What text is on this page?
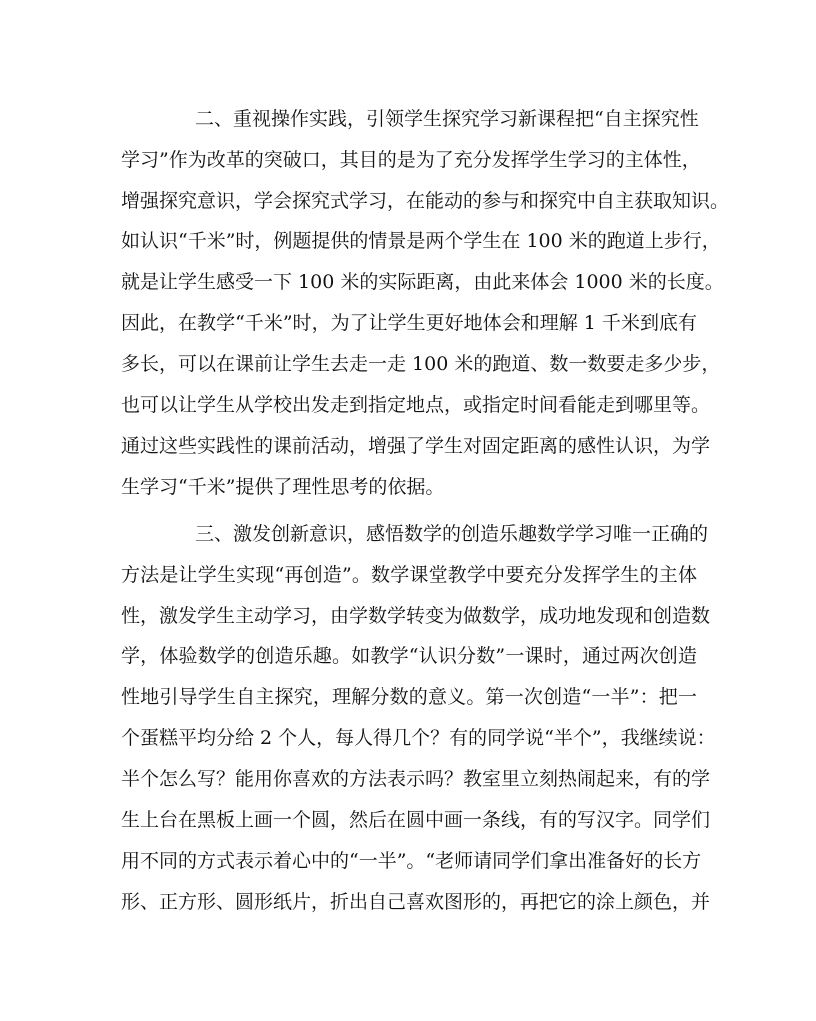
二、重视操作实践，引领学生探究学习新课程把“自主探究性
学习”作为改革的突破口，其目的是为了充分发挥学生学习的主体性，
增强探究意识，学会探究式学习，在能动的参与和探究中自主获取知识。
如认识“千米”时，例题提供的情景是两个学生在 100 米的跑道上步行，
就是让学生感受一下 100 米的实际距离，由此来体会 1000 米的长度。
因此，在教学“千米”时，为了让学生更好地体会和理解 1 千米到底有
多长，可以在课前让学生去走一走 100 米的跑道、数一数要走多少步，
也可以让学生从学校出发走到指定地点，或指定时间看能走到哪里等。
通过这些实践性的课前活动，增强了学生对固定距离的感性认识，为学
生学习“千米”提供了理性思考的依据。
三、激发创新意识，感悟数学的创造乐趣数学学习唯一正确的
方法是让学生实现“再创造”。数学课堂教学中要充分发挥学生的主体
性，激发学生主动学习，由学数学转变为做数学，成功地发现和创造数
学，体验数学的创造乐趣。如教学“认识分数”一课时，通过两次创造
性地引导学生自主探究，理解分数的意义。第一次创造“一半”：把一
个蛋糕平均分给 2 个人，每人得几个？有的同学说“半个”，我继续说：
半个怎么写？能用你喜欢的方法表示吗？教室里立刻热闹起来，有的学
生上台在黑板上画一个圆，然后在圆中画一条线，有的写汉字。同学们
用不同的方式表示着心中的“一半”。“老师请同学们拿出准备好的长方
形、正方形、圆形纸片，折出自己喜欢图形的，再把它的涂上颜色，并
